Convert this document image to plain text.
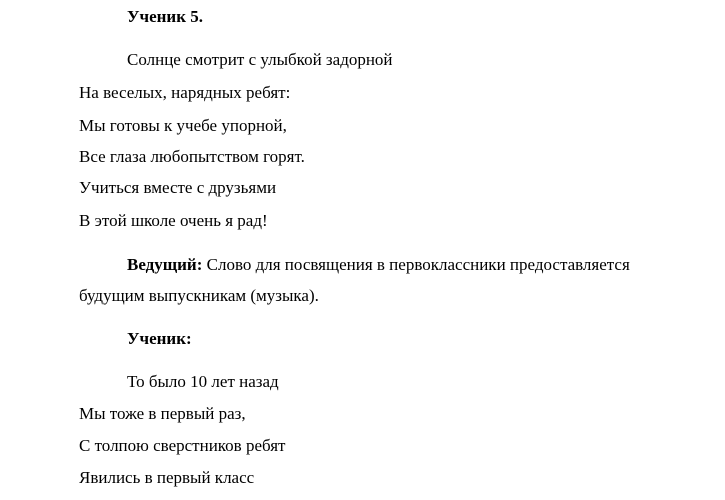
Ученик 5.
Солнце смотрит с улыбкой задорной
На веселых, нарядных ребят:
Мы готовы к учебе упорной,
Все глаза любопытством горят.
Учиться вместе с друзьями
В этой школе очень я рад!
Ведущий: Слово для посвящения в первоклассники предоставляется
будущим выпускникам (музыка).
Ученик:
То было 10 лет назад
Мы тоже в первый раз,
С толпою сверстников ребят
Явились в первый класс
